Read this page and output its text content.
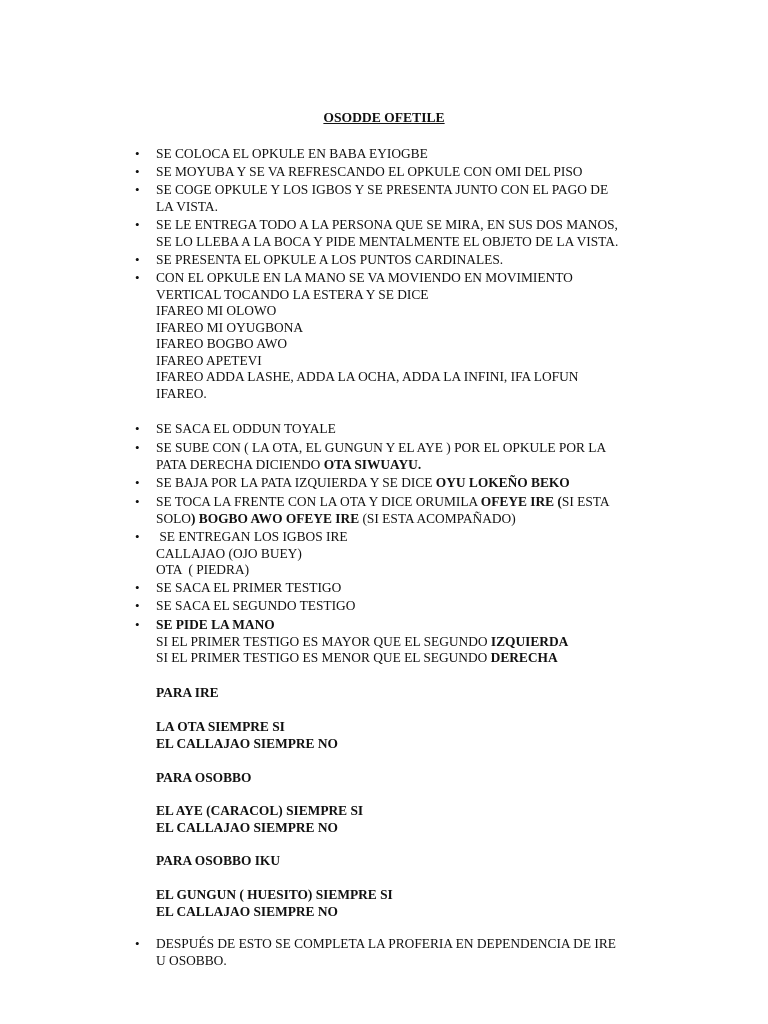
OSODDE OFETILE
• SE COLOCA EL OPKULE EN BABA EYIOGBE
• SE MOYUBA Y SE VA REFRESCANDO EL OPKULE CON OMI DEL PISO
• SE COGE OPKULE Y LOS IGBOS Y SE PRESENTA JUNTO CON EL PAGO DE
LA VISTA.
• SE LE ENTREGA TODO A LA PERSONA QUE SE MIRA, EN SUS DOS MANOS,
SE LO LLEBA A LA BOCA Y PIDE MENTALMENTE EL OBJETO DE LA VISTA.
• SE PRESENTA EL OPKULE A LOS PUNTOS CARDINALES.
• CON EL OPKULE EN LA MANO SE VA MOVIENDO EN MOVIMIENTO
VERTICAL TOCANDO LA ESTERA Y SE DICE
IFAREO MI OLOWO
IFAREO MI OYUGBONA
IFAREO BOGBO AWO
IFAREO APETEVI
IFAREO ADDA LASHE, ADDA LA OCHA, ADDA LA INFINI, IFA LOFUN
IFAREO.
• SE SACA EL ODDUN TOYALE
• SE SUBE CON ( LA OTA, EL GUNGUN Y EL AYE ) POR EL OPKULE POR LA
PATA DERECHA DICIENDO OTA SIWUAYU.
• SE BAJA POR LA PATA IZQUIERDA Y SE DICE OYU LOKEÑO BEKO
• SE TOCA LA FRENTE CON LA OTA Y DICE ORUMILA OFEYE IRE (SI ESTA
SOLO) BOGBO AWO OFEYE IRE (SI ESTA ACOMPAÑADO)
• SE ENTREGAN LOS IGBOS IRE
CALLAJAO (OJO BUEY)
OTA  ( PIEDRA)
• SE SACA EL PRIMER TESTIGO
• SE SACA EL SEGUNDO TESTIGO
• SE PIDE LA MANO
SI EL PRIMER TESTIGO ES MAYOR QUE EL SEGUNDO IZQUIERDA
SI EL PRIMER TESTIGO ES MENOR QUE EL SEGUNDO DERECHA
• DESPUÉS DE ESTO SE COMPLETA LA PROFERIA EN DEPENDENCIA DE IRE
U OSOBBO.
PARA IRE
LA OTA SIEMPRE SI
EL CALLAJAO SIEMPRE NO
PARA OSOBBO
EL AYE (CARACOL) SIEMPRE SI
EL CALLAJAO SIEMPRE NO
PARA OSOBBO IKU
EL GUNGUN ( HUESITO) SIEMPRE SI
EL CALLAJAO SIEMPRE NO
